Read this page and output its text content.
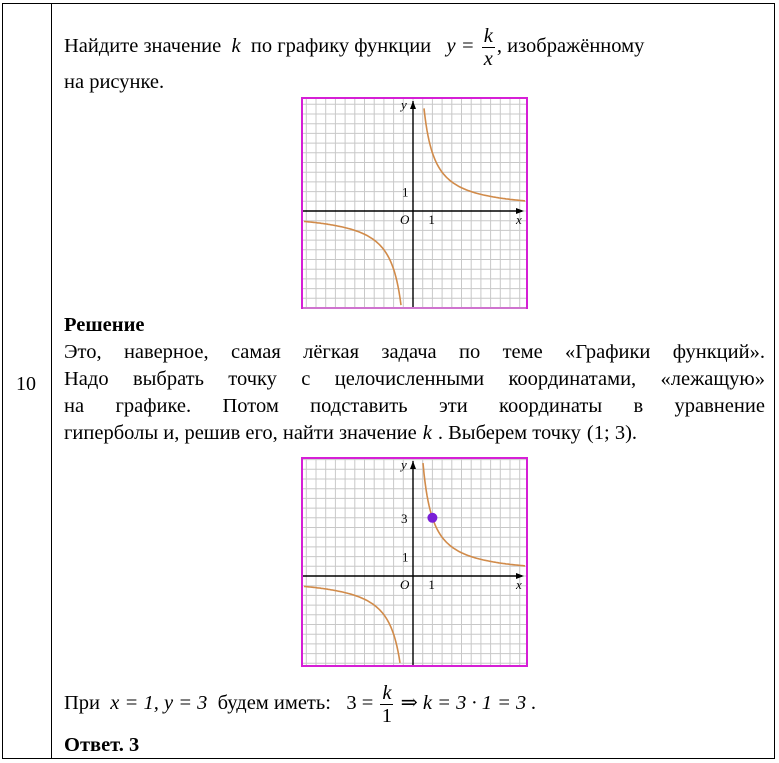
10
Найдите значение k по графику функции $y = \frac{k}{x}$ , изображённому
на рисунке.
y
x
O 1
1
Решение
Это, наверное, самая лёгкая задача по теме «Графики функций».
Надо выбрать точку с целочисленными координатами, «лежащую»
на графике. Потом подставить эти координаты в уравнение
гиперболы и, решив его, найти значение k . Выберем точку (1; 3) .
y
x
O 1
1
3
При x = 1, y = 3 будем иметь: $3 = \frac{k}{1}$ ⇒ k = 3 · 1 = 3 .
Ответ. 3
